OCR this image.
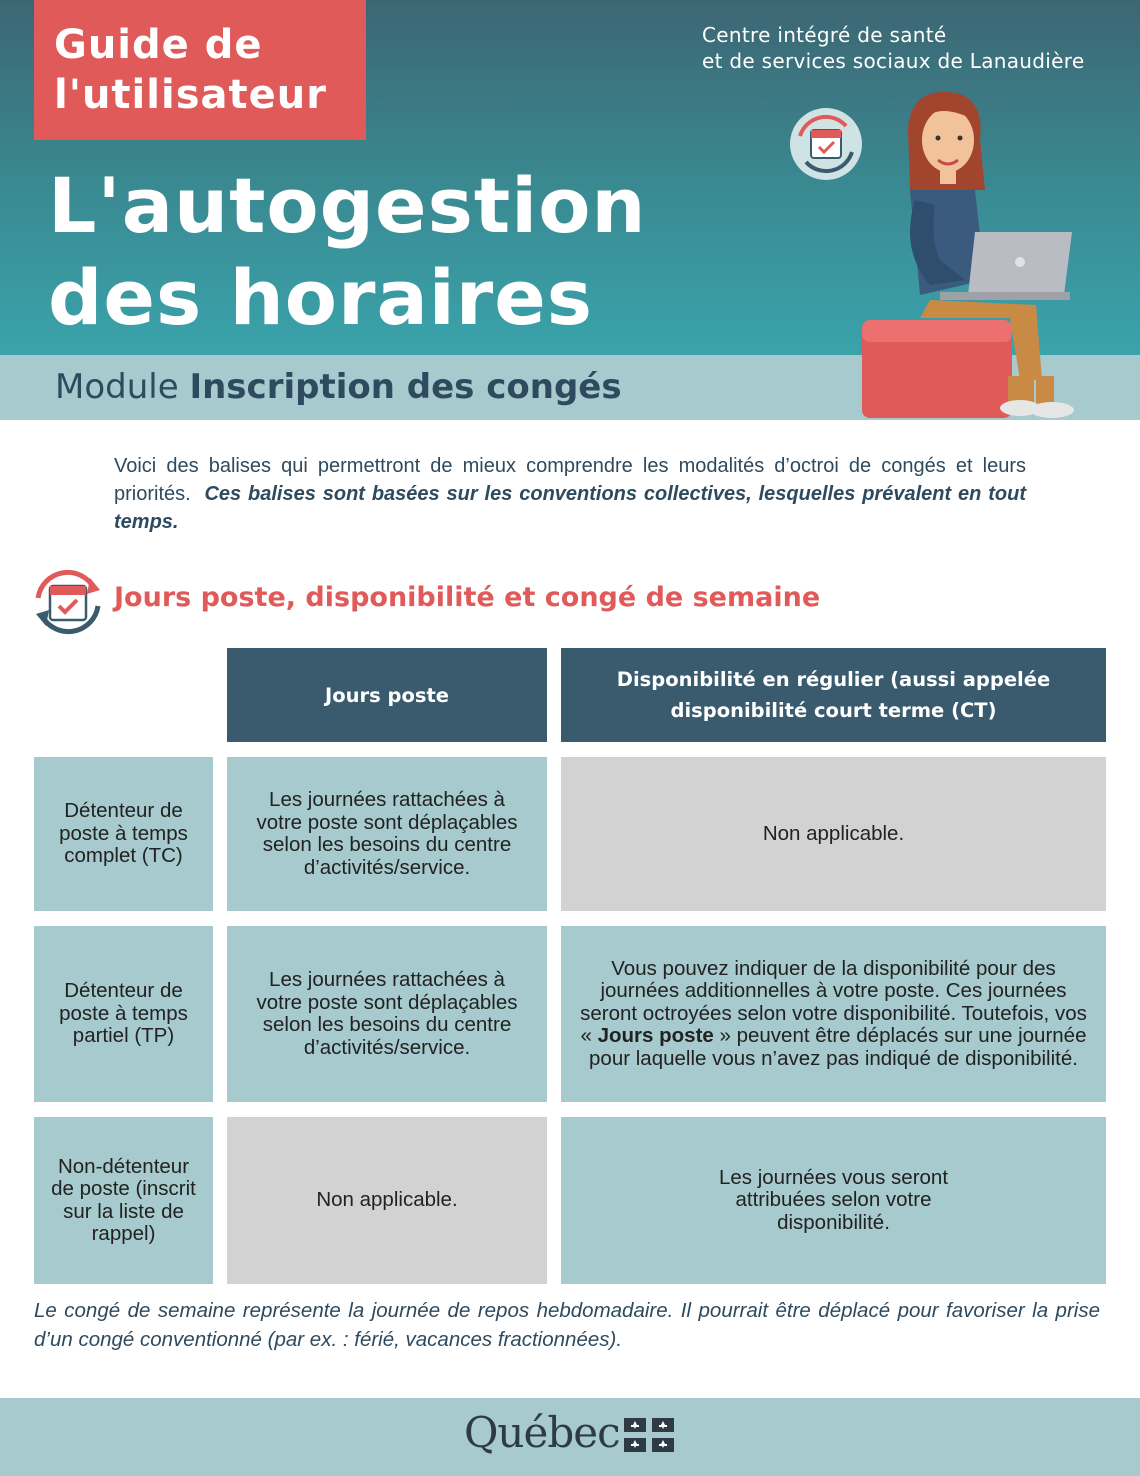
Guide de
l'utilisateur
Centre intégré de santé
et de services sociaux de Lanaudière
L'autogestion
des horaires
Module Inscription des congés

Voici des balises qui permettront de mieux comprendre les modalités d’octroi de congés et leurs priorités. Ces balises sont basées sur les conventions collectives, lesquelles prévalent en tout temps.

Jours poste, disponibilité et congé de semaine
Jours poste
Disponibilité en régulier (aussi appelée disponibilité court terme (CT)
Détenteur de poste à temps complet (TC)
Les journées rattachées à votre poste sont déplaçables selon les besoins du centre d’activités/service.
Non applicable.
Détenteur de poste à temps partiel (TP)
Les journées rattachées à votre poste sont déplaçables selon les besoins du centre d’activités/service.
Vous pouvez indiquer de la disponibilité pour des journées additionnelles à votre poste. Ces journées seront octroyées selon votre disponibilité. Toutefois, vos « Jours poste » peuvent être déplacés sur une journée pour laquelle vous n’avez pas indiqué de disponibilité.
Non-détenteur de poste (inscrit sur la liste de rappel)
Non applicable.
Les journées vous seront attribuées selon votre disponibilité.

Le congé de semaine représente la journée de repos hebdomadaire. Il pourrait être déplacé pour favoriser la prise d’un congé conventionné (par ex. : férié, vacances fractionnées).

Québec
